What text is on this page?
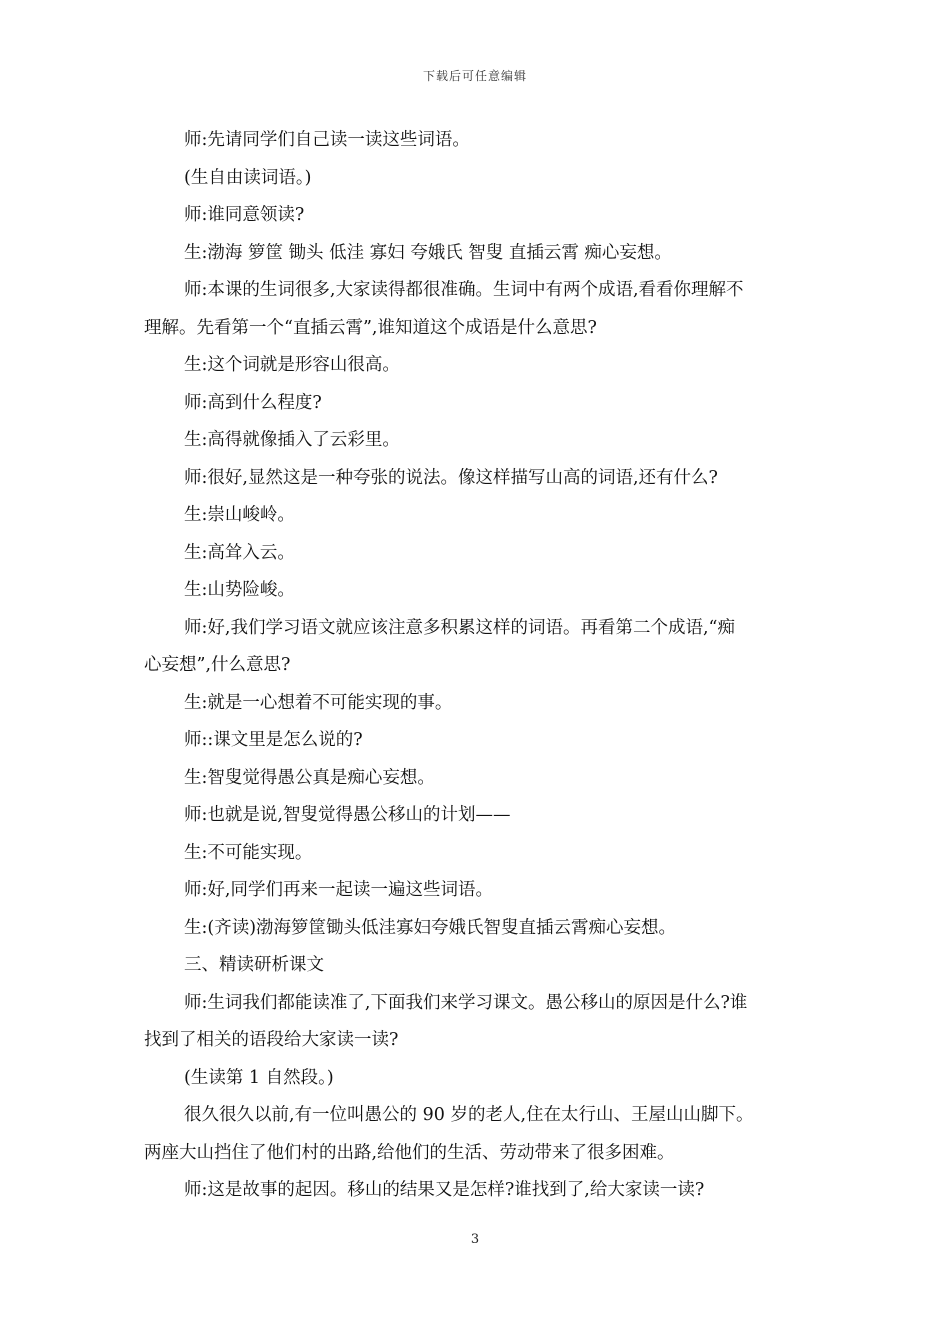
下载后可任意编辑
师:先请同学们自己读一读这些词语。
(生自由读词语。)
师:谁同意领读?
生:渤海 箩筐 锄头 低洼 寡妇 夸娥氏 智叟 直插云霄 痴心妄想。
师:本课的生词很多,大家读得都很准确。生词中有两个成语,看看你理解不
理解。先看第一个“直插云霄”,谁知道这个成语是什么意思?
生:这个词就是形容山很高。
师:高到什么程度?
生:高得就像插入了云彩里。
师:很好,显然这是一种夸张的说法。像这样描写山高的词语,还有什么?
生:崇山峻岭。
生:高耸入云。
生:山势险峻。
师:好,我们学习语文就应该注意多积累这样的词语。再看第二个成语,“痴
心妄想”,什么意思?
生:就是一心想着不可能实现的事。
师::课文里是怎么说的?
生:智叟觉得愚公真是痴心妄想。
师:也就是说,智叟觉得愚公移山的计划——
生:不可能实现。
师:好,同学们再来一起读一遍这些词语。
生:(齐读)渤海箩筐锄头低洼寡妇夸娥氏智叟直插云霄痴心妄想。
三、精读研析课文
师:生词我们都能读准了,下面我们来学习课文。愚公移山的原因是什么?谁
找到了相关的语段给大家读一读?
(生读第 1 自然段。)
很久很久以前,有一位叫愚公的 90 岁的老人,住在太行山、王屋山山脚下。
两座大山挡住了他们村的出路,给他们的生活、劳动带来了很多困难。
师:这是故事的起因。移山的结果又是怎样?谁找到了,给大家读一读?
3
